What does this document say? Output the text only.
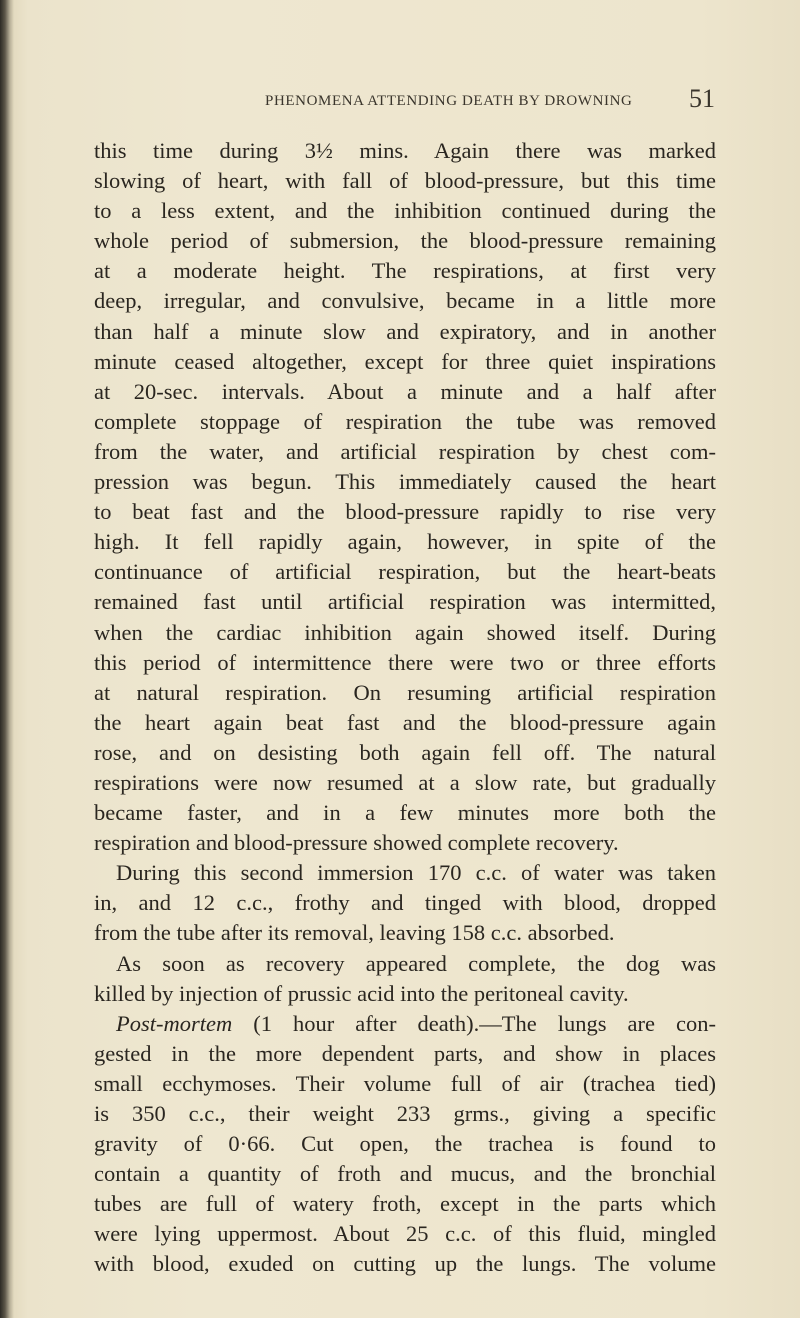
PHENOMENA ATTENDING DEATH BY DROWNING 51
this time during 3½ mins. Again there was marked
slowing of heart, with fall of blood-pressure, but this time
to a less extent, and the inhibition continued during the
whole period of submersion, the blood-pressure remaining
at a moderate height. The respirations, at first very
deep, irregular, and convulsive, became in a little more
than half a minute slow and expiratory, and in another
minute ceased altogether, except for three quiet inspirations
at 20-sec. intervals. About a minute and a half after
complete stoppage of respiration the tube was removed
from the water, and artificial respiration by chest com-
pression was begun. This immediately caused the heart
to beat fast and the blood-pressure rapidly to rise very
high. It fell rapidly again, however, in spite of the
continuance of artificial respiration, but the heart-beats
remained fast until artificial respiration was intermitted,
when the cardiac inhibition again showed itself. During
this period of intermittence there were two or three efforts
at natural respiration. On resuming artificial respiration
the heart again beat fast and the blood-pressure again
rose, and on desisting both again fell off. The natural
respirations were now resumed at a slow rate, but gradually
became faster, and in a few minutes more both the
respiration and blood-pressure showed complete recovery.
During this second immersion 170 c.c. of water was taken
in, and 12 c.c., frothy and tinged with blood, dropped
from the tube after its removal, leaving 158 c.c. absorbed.
As soon as recovery appeared complete, the dog was
killed by injection of prussic acid into the peritoneal cavity.
Post-mortem (1 hour after death).—The lungs are con-
gested in the more dependent parts, and show in places
small ecchymoses. Their volume full of air (trachea tied)
is 350 c.c., their weight 233 grms., giving a specific
gravity of 0·66. Cut open, the trachea is found to
contain a quantity of froth and mucus, and the bronchial
tubes are full of watery froth, except in the parts which
were lying uppermost. About 25 c.c. of this fluid, mingled
with blood, exuded on cutting up the lungs. The volume
